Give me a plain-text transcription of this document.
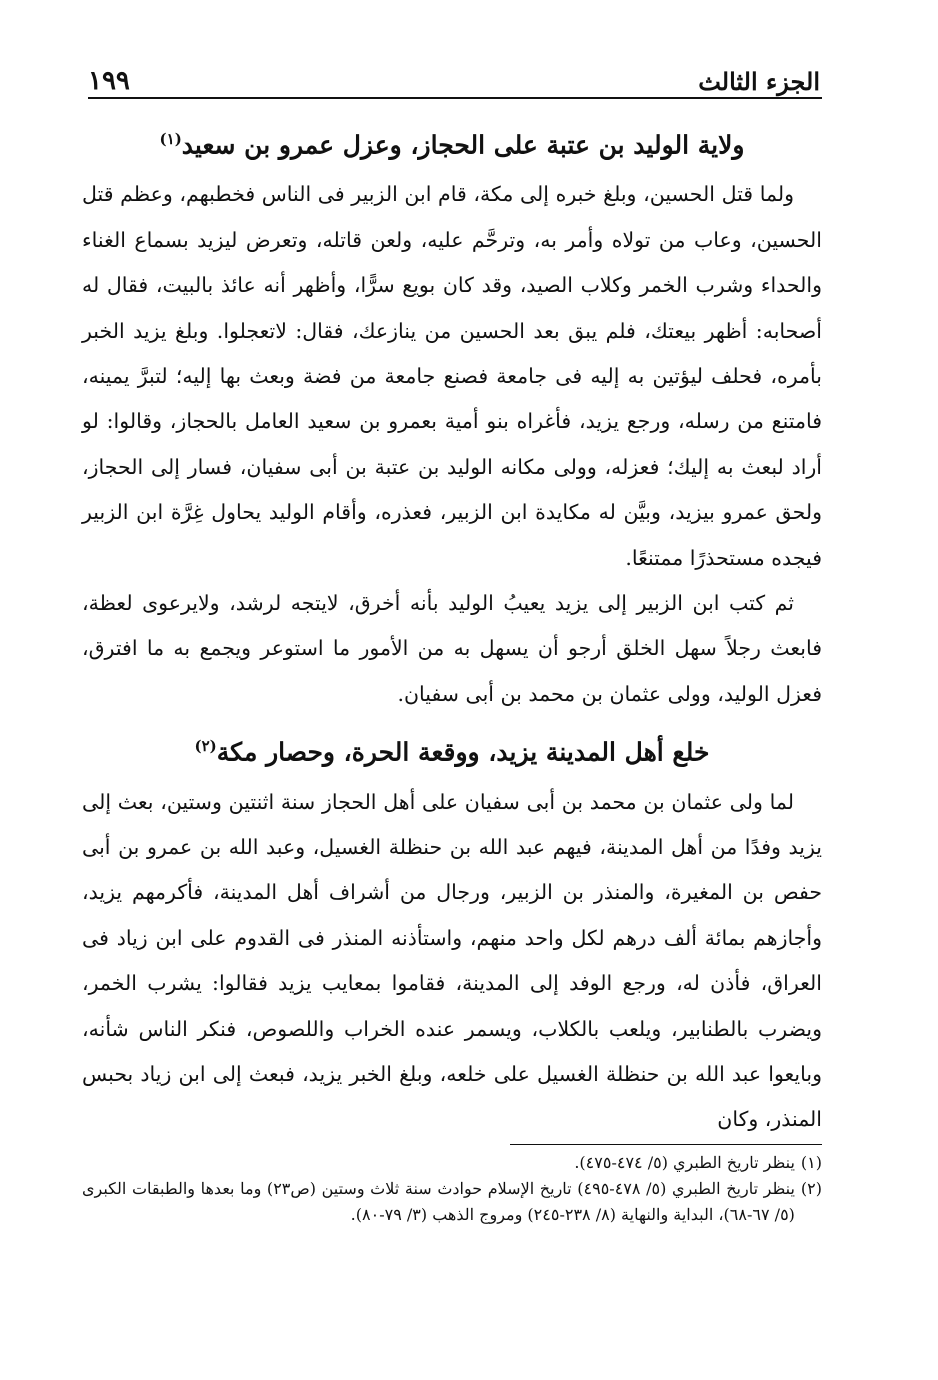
الجزء الثالث
١٩٩
ولاية الوليد بن عتبة على الحجاز، وعزل عمرو بن سعيد$^{(١)}$

ولما قتل الحسين، وبلغ خبره إلى مكة، قام ابن الزبير فى الناس فخطبهم، وعظم قتل الحسين، وعاب من تولاه وأمر به، وترحَّم عليه، ولعن قاتله، وتعرض ليزيد بسماع الغناء والحداء وشرب الخمر وكلاب الصيد، وقد كان بويع سرًّا، وأظهر أنه عائذ بالبيت، فقال له أصحابه: أظهر بيعتك، فلم يبق بعد الحسين من ينازعك، فقال: لاتعجلوا. وبلغ يزيد الخبر بأمره، فحلف ليؤتين به إليه فى جامعة فصنع جامعة من فضة وبعث بها إليه؛ لتبرَّ يمينه، فامتنع من رسله، ورجع يزيد، فأغراه بنو أمية بعمرو بن سعيد العامل بالحجاز، وقالوا: لو أراد لبعث به إليك؛ فعزله، وولى مكانه الوليد بن عتبة بن أبى سفيان، فسار إلى الحجاز، ولحق عمرو بيزيد، وبيَّن له مكايدة ابن الزبير، فعذره، وأقام الوليد يحاول غِرَّة ابن الزبير فيجده مستحذرًا ممتنعًا.

ثم كتب ابن الزبير إلى يزيد يعيبُ الوليد بأنه أخرق، لايتجه لرشد، ولايرعوى لعظة، فابعث رجلاً سهل الخلق أرجو أن يسهل به من الأمور ما استوعر ويجمع به ما افترق، فعزل الوليد، وولى عثمان بن محمد بن أبى سفيان.

خلع أهل المدينة يزيد، ووقعة الحرة، وحصار مكة$^{(٢)}$

لما ولى عثمان بن محمد بن أبى سفيان على أهل الحجاز سنة اثنتين وستين، بعث إلى يزيد وفدًا من أهل المدينة، فيهم عبد الله بن حنظلة الغسيل، وعبد الله بن عمرو بن أبى حفص بن المغيرة، والمنذر بن الزبير، ورجال من أشراف أهل المدينة، فأكرمهم يزيد، وأجازهم بمائة ألف درهم لكل واحد منهم، واستأذنه المنذر فى القدوم على ابن زياد فى العراق، فأذن له، ورجع الوفد إلى المدينة، فقاموا بمعايب يزيد فقالوا: يشرب الخمر، ويضرب بالطنابير، ويلعب بالكلاب، ويسمر عنده الخراب واللصوص، فنكر الناس شأنه، وبايعوا عبد الله بن حنظلة الغسيل على خلعه، وبلغ الخبر يزيد، فبعث إلى ابن زياد بحبس المنذر، وكان

(١)
ينظر تاريخ الطبري (٥/ ٤٧٤-٤٧٥).

(٢)
ينظر تاريخ الطبري (٥/ ٤٧٨-٤٩٥) تاريخ الإسلام حوادث سنة ثلاث وستين (ص٢٣) وما بعدها والطبقات الكبرى (٥/ ٦٧-٦٨)، البداية والنهاية (٨/ ٢٣٨-٢٤٥) ومروج الذهب (٣/ ٧٩-٨٠).
